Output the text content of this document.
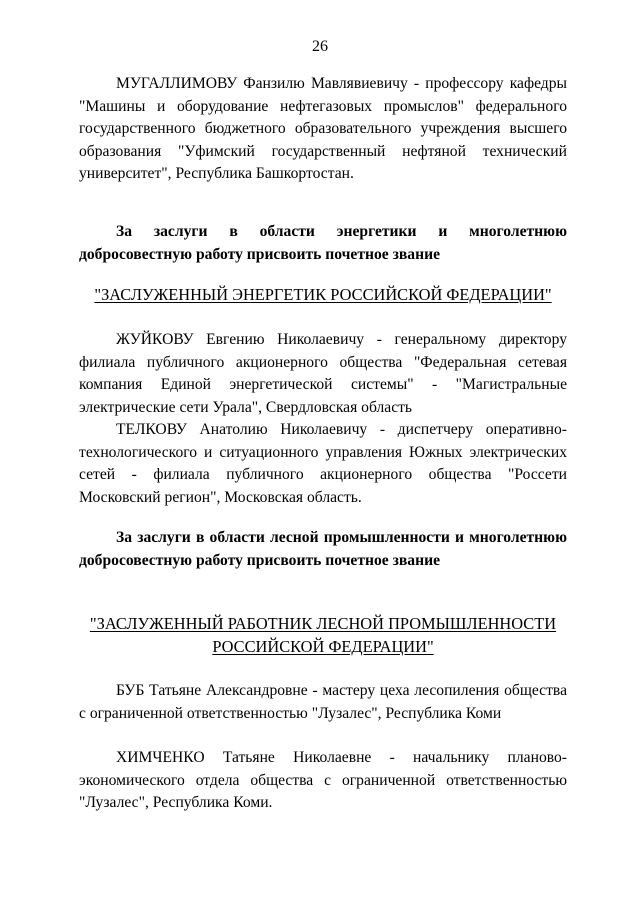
26

МУГАЛЛИМОВУ Фанзилю Мавлявиевичу - профессору кафедры "Машины и оборудование нефтегазовых промыслов" федерального государственного бюджетного образовательного учреждения высшего образования "Уфимский государственный нефтяной технический университет", Республика Башкортостан.

За заслуги в области энергетики и многолетнюю добросовестную работу присвоить почетное звание

"ЗАСЛУЖЕННЫЙ ЭНЕРГЕТИК РОССИЙСКОЙ ФЕДЕРАЦИИ"

ЖУЙКОВУ Евгению Николаевичу - генеральному директору филиала публичного акционерного общества "Федеральная сетевая компания Единой энергетической системы" - "Магистральные электрические сети Урала", Свердловская область

ТЕЛКОВУ Анатолию Николаевичу - диспетчеру оперативно-технологического и ситуационного управления Южных электрических сетей - филиала публичного акционерного общества "Россети Московский регион", Московская область.

За заслуги в области лесной промышленности и многолетнюю добросовестную работу присвоить почетное звание

"ЗАСЛУЖЕННЫЙ РАБОТНИК ЛЕСНОЙ ПРОМЫШЛЕННОСТИ
РОССИЙСКОЙ ФЕДЕРАЦИИ"

БУБ Татьяне Александровне - мастеру цеха лесопиления общества с ограниченной ответственностью "Лузалес", Республика Коми

ХИМЧЕНКО Татьяне Николаевне - начальнику планово-экономического отдела общества с ограниченной ответственностью "Лузалес", Республика Коми.
